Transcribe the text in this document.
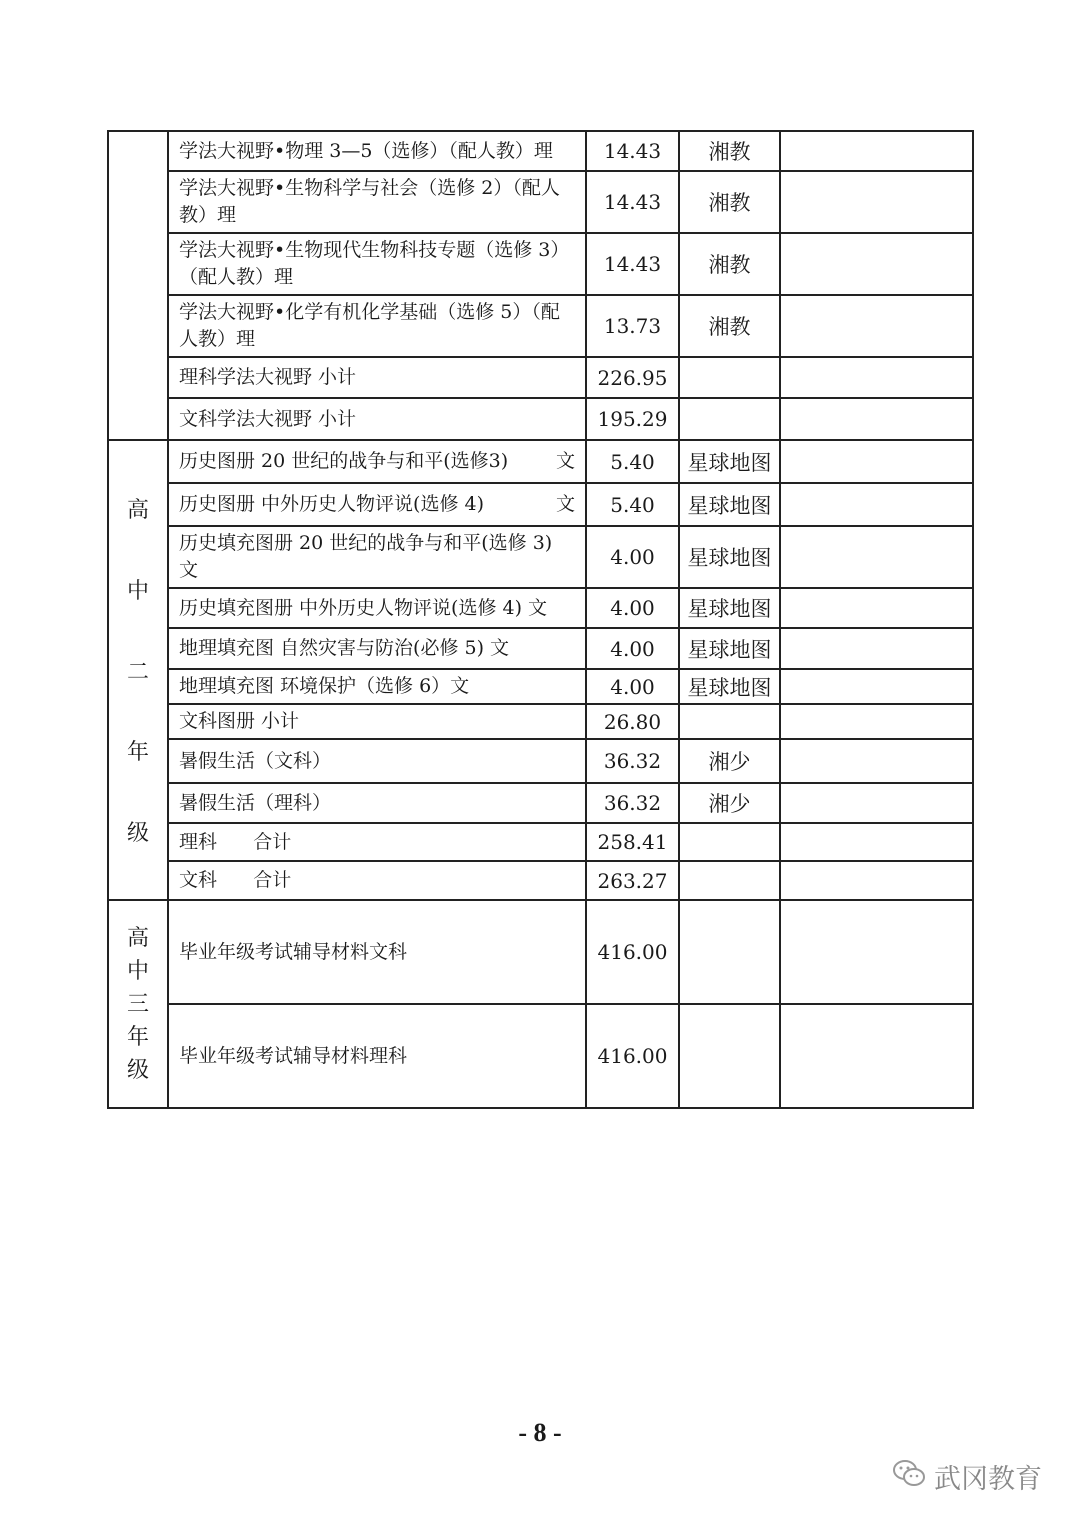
	学法大视野•物理 3—5（选修）（配人教）理	14.43	湘教	
	学法大视野•生物科学与社会（选修 2）（配人教）理	14.43	湘教	
	学法大视野•生物现代生物科技专题（选修 3）（配人教）理	14.43	湘教	
	学法大视野•化学有机化学基础（选修 5）（配人教）理	13.73	湘教	
	理科学法大视野 小计	226.95		
	文科学法大视野 小计	195.29		

高
中
二
年
级	历史图册 20 世纪的战争与和平(选修3) 文	5.40	星球地图	

	历史图册 中外历史人物评说(选修 4) 文	5.40	星球地图	
	历史填充图册 20 世纪的战争与和平(选修 3) 文	4.00	星球地图	
	历史填充图册 中外历史人物评说(选修 4) 文	4.00	星球地图	
	地理填充图 自然灾害与防治(必修 5) 文	4.00	星球地图	
	地理填充图 环境保护（选修 6）文	4.00	星球地图	
	文科图册 小计	26.80		
	暑假生活（文科）	36.32	湘少	
	暑假生活（理科）	36.32	湘少	
	理科      合计	258.41		
	文科      合计	263.27		

高
中
三
年
级	毕业年级考试辅导材料文科	416.00		
	毕业年级考试辅导材料理科	416.00		
- 8 -
武冈教育
